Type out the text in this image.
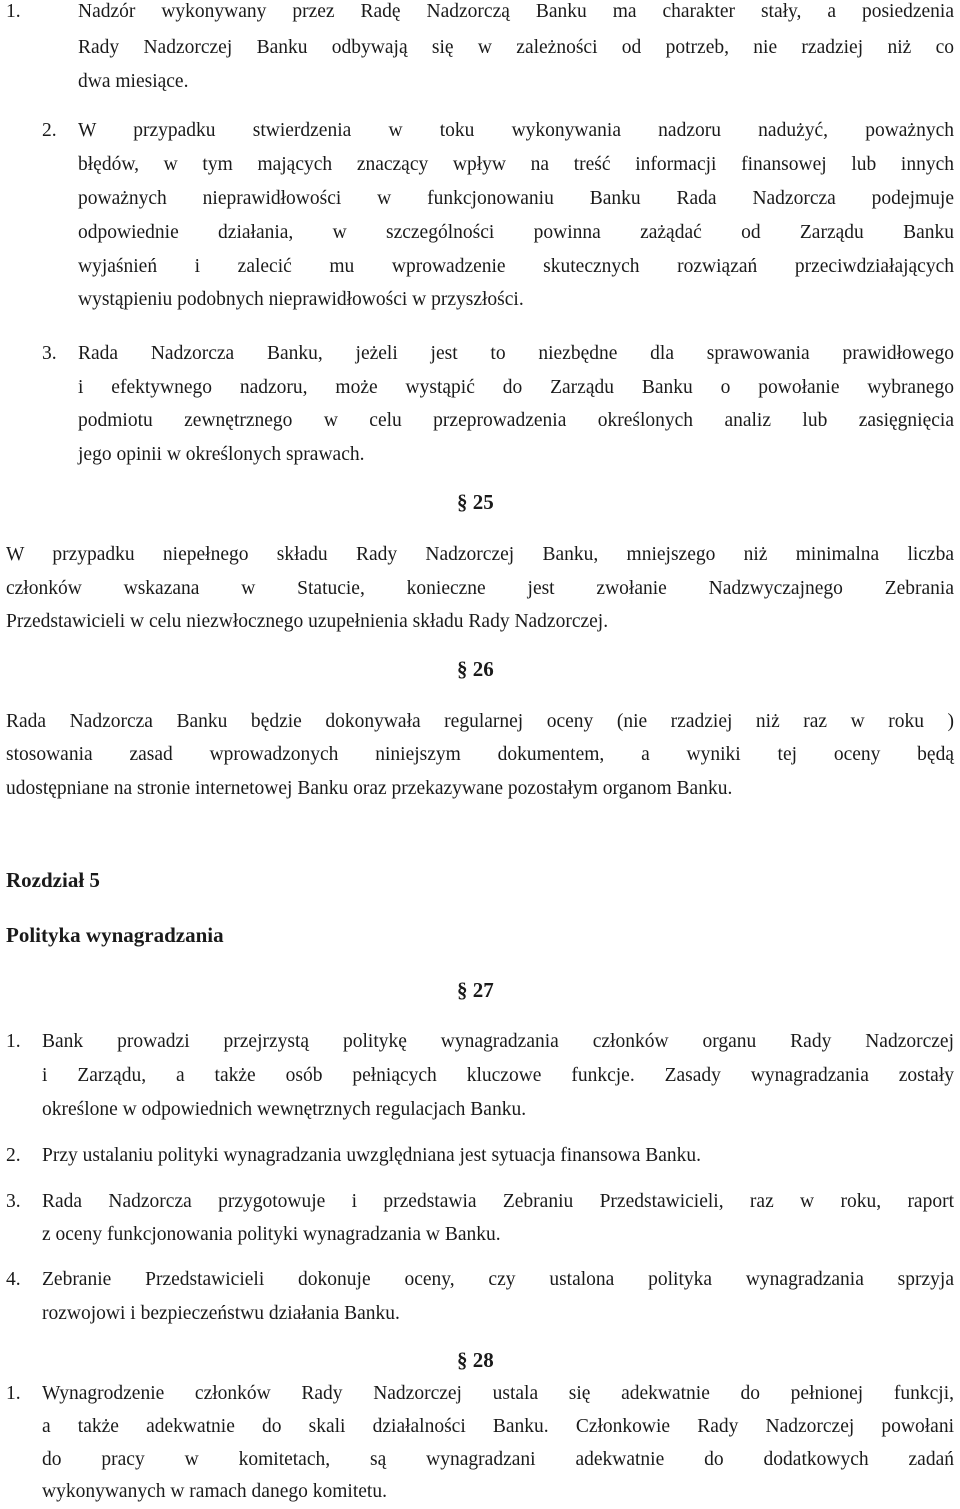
1.	Nadzór wykonywany przez Radę Nadzorczą Banku ma charakter stały, a posiedzenia
Rady Nadzorczej Banku odbywają się w zależności od potrzeb, nie rzadziej niż co
dwa miesiące.
2. W przypadku stwierdzenia w toku wykonywania nadzoru nadużyć, poważnych
błędów, w tym mających znaczący wpływ na treść informacji finansowej lub innych
poważnych nieprawidłowości w funkcjonowaniu Banku Rada Nadzorcza podejmuje
odpowiednie działania, w szczególności powinna zażądać od Zarządu Banku
wyjaśnień i zalecić mu wprowadzenie skutecznych rozwiązań przeciwdziałających
wystąpieniu podobnych nieprawidłowości w przyszłości.
3. Rada Nadzorcza Banku, jeżeli jest to niezbędne dla sprawowania prawidłowego
i efektywnego nadzoru, może wystąpić do Zarządu Banku o powołanie wybranego
podmiotu zewnętrznego w celu przeprowadzenia określonych analiz lub zasięgnięcia
jego opinii w określonych sprawach.
§ 25
W przypadku niepełnego składu Rady Nadzorczej Banku, mniejszego niż minimalna liczba
członków wskazana w Statucie, konieczne jest zwołanie Nadzwyczajnego Zebrania
Przedstawicieli w celu niezwłocznego uzupełnienia składu Rady Nadzorczej.
§ 26
Rada Nadzorcza Banku będzie dokonywała regularnej oceny (nie rzadziej niż raz w roku )
stosowania zasad wprowadzonych niniejszym dokumentem, a wyniki tej oceny będą
udostępniane na stronie internetowej Banku oraz przekazywane pozostałym organom Banku.
Rozdział 5
Polityka wynagradzania
§ 27
1. Bank prowadzi przejrzystą politykę wynagradzania członków organu Rady Nadzorczej
i Zarządu, a także osób pełniących kluczowe funkcje. Zasady wynagradzania zostały
określone w odpowiednich wewnętrznych regulacjach Banku.
2. Przy ustalaniu polityki wynagradzania uwzględniana jest sytuacja finansowa Banku.
3. Rada Nadzorcza przygotowuje i przedstawia Zebraniu Przedstawicieli, raz w roku, raport
z oceny funkcjonowania polityki wynagradzania w Banku.
4. Zebranie Przedstawicieli dokonuje oceny, czy ustalona polityka wynagradzania sprzyja
rozwojowi i bezpieczeństwu działania Banku.
§ 28
1. Wynagrodzenie członków Rady Nadzorczej ustala się adekwatnie do pełnionej funkcji,
a także adekwatnie do skali działalności Banku. Członkowie Rady Nadzorczej powołani
do pracy w komitetach, są wynagradzani adekwatnie do dodatkowych zadań
wykonywanych w ramach danego komitetu.
